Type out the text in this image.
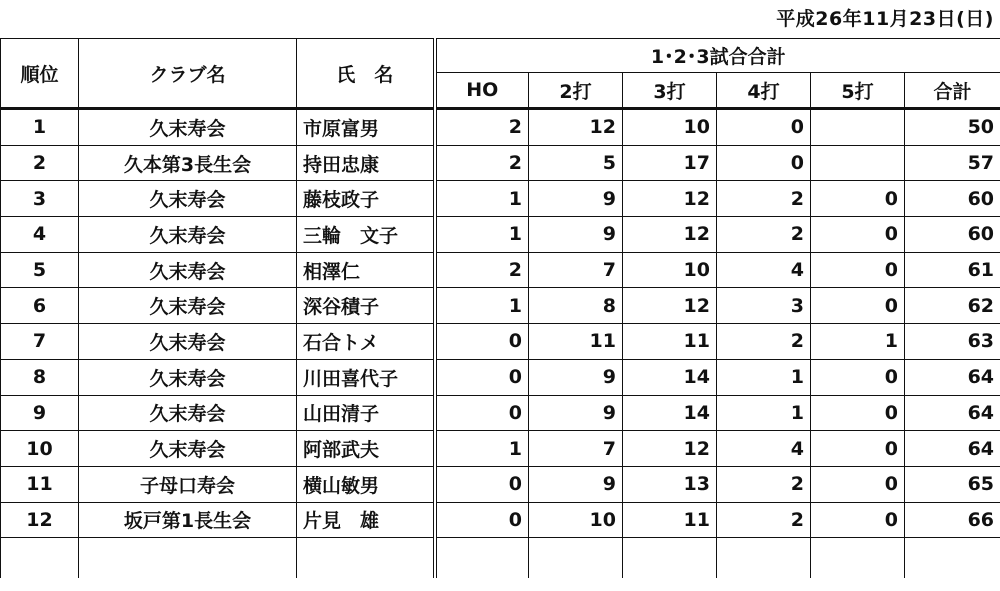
平成26年11月23日(日)
順位	クラブ名	氏　名	1･2･3試合合計					
			HO	2打	3打	4打	5打	合計
1	久末寿会	市原富男	2	12	10	0		50
2	久本第3長生会	持田忠康	2	5	17	0		57
3	久末寿会	藤枝政子	1	9	12	2	0	60
4	久末寿会	三輪　文子	1	9	12	2	0	60
5	久末寿会	相澤仁	2	7	10	4	0	61
6	久末寿会	深谷積子	1	8	12	3	0	62
7	久末寿会	石合トメ	0	11	11	2	1	63
8	久末寿会	川田喜代子	0	9	14	1	0	64
9	久末寿会	山田清子	0	9	14	1	0	64
10	久末寿会	阿部武夫	1	7	12	4	0	64
11	子母口寿会	横山敏男	0	9	13	2	0	65
12	坂戸第1長生会	片見　雄	0	10	11	2	0	66
